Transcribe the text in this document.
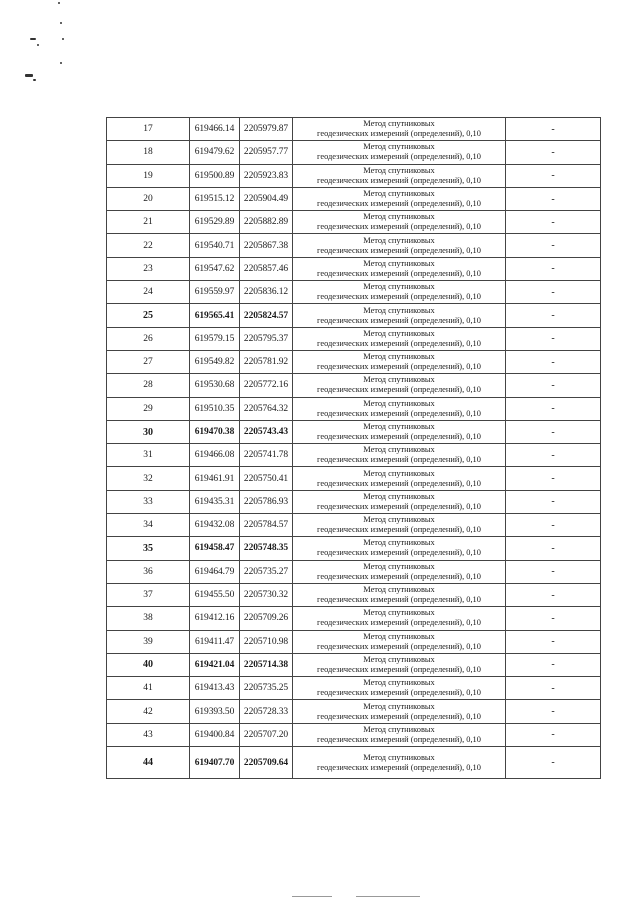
17	619466.14	2205979.87	Метод спутниковых
геодезических измерений (определений), 0,10	-
18	619479.62	2205957.77	Метод спутниковых
геодезических измерений (определений), 0,10	-
19	619500.89	2205923.83	Метод спутниковых
геодезических измерений (определений), 0,10	-
20	619515.12	2205904.49	Метод спутниковых
геодезических измерений (определений), 0,10	-
21	619529.89	2205882.89	Метод спутниковых
геодезических измерений (определений), 0,10	-
22	619540.71	2205867.38	Метод спутниковых
геодезических измерений (определений), 0,10	-
23	619547.62	2205857.46	Метод спутниковых
геодезических измерений (определений), 0,10	-
24	619559.97	2205836.12	Метод спутниковых
геодезических измерений (определений), 0,10	-
25	619565.41	2205824.57	Метод спутниковых
геодезических измерений (определений), 0,10	-
26	619579.15	2205795.37	Метод спутниковых
геодезических измерений (определений), 0,10	-
27	619549.82	2205781.92	Метод спутниковых
геодезических измерений (определений), 0,10	-
28	619530.68	2205772.16	Метод спутниковых
геодезических измерений (определений), 0,10	-
29	619510.35	2205764.32	Метод спутниковых
геодезических измерений (определений), 0,10	-
30	619470.38	2205743.43	Метод спутниковых
геодезических измерений (определений), 0,10	-
31	619466.08	2205741.78	Метод спутниковых
геодезических измерений (определений), 0,10	-
32	619461.91	2205750.41	Метод спутниковых
геодезических измерений (определений), 0,10	-
33	619435.31	2205786.93	Метод спутниковых
геодезических измерений (определений), 0,10	-
34	619432.08	2205784.57	Метод спутниковых
геодезических измерений (определений), 0,10	-
35	619458.47	2205748.35	Метод спутниковых
геодезических измерений (определений), 0,10	-
36	619464.79	2205735.27	Метод спутниковых
геодезических измерений (определений), 0,10	-
37	619455.50	2205730.32	Метод спутниковых
геодезических измерений (определений), 0,10	-
38	619412.16	2205709.26	Метод спутниковых
геодезических измерений (определений), 0,10	-
39	619411.47	2205710.98	Метод спутниковых
геодезических измерений (определений), 0,10	-
40	619421.04	2205714.38	Метод спутниковых
геодезических измерений (определений), 0,10	-
41	619413.43	2205735.25	Метод спутниковых
геодезических измерений (определений), 0,10	-
42	619393.50	2205728.33	Метод спутниковых
геодезических измерений (определений), 0,10	-
43	619400.84	2205707.20	Метод спутниковых
геодезических измерений (определений), 0,10	-
44	619407.70	2205709.64	Метод спутниковых
геодезических измерений (определений), 0,10	-
